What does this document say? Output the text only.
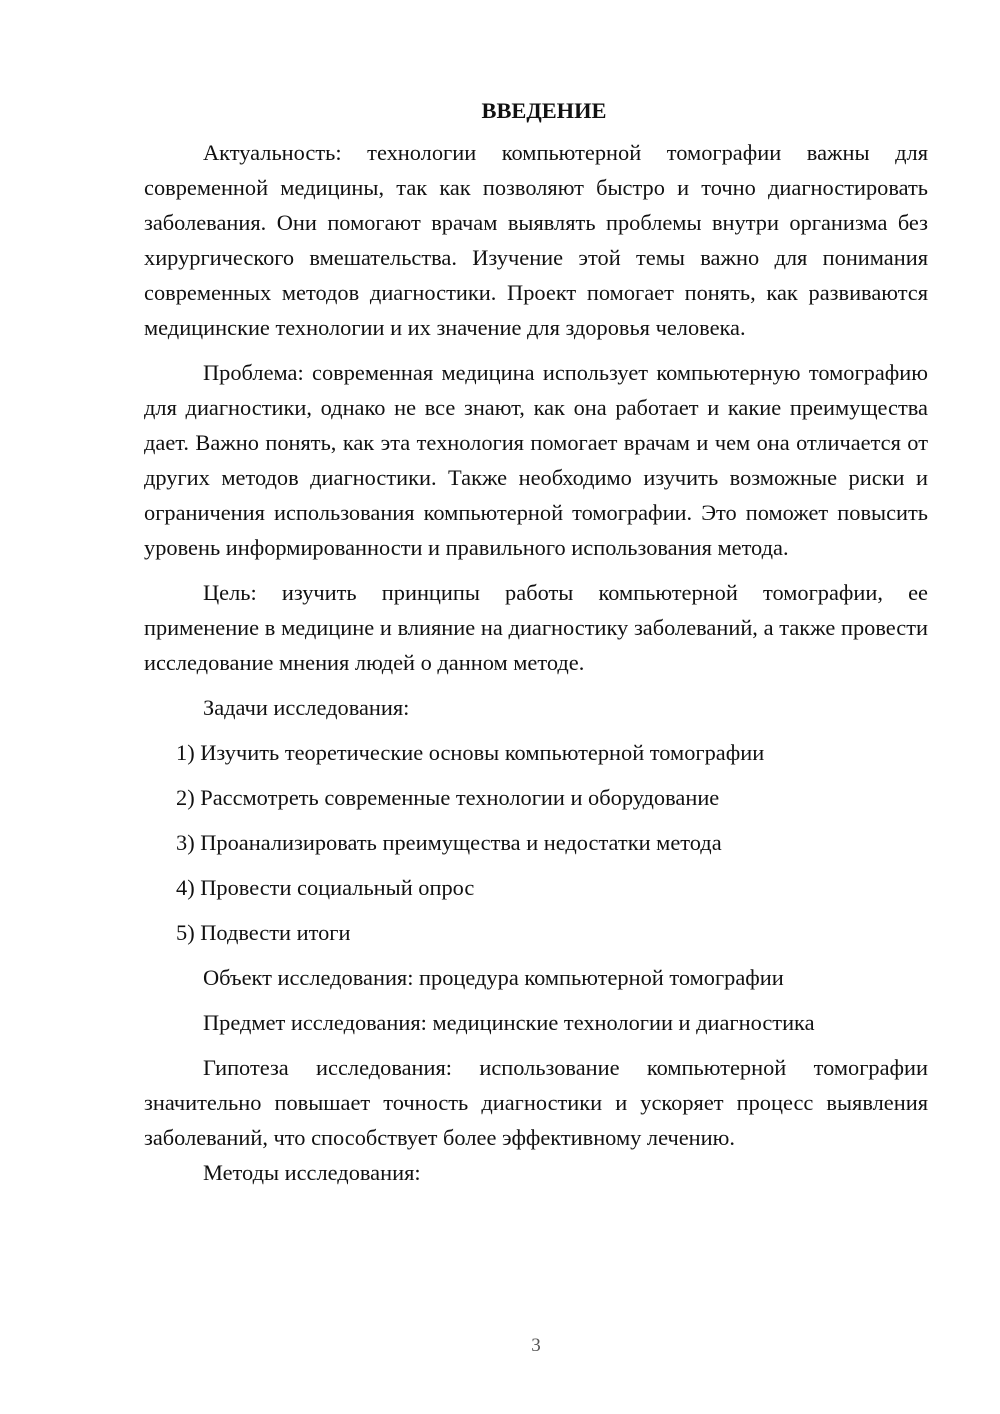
ВВЕДЕНИЕ

Актуальность: технологии компьютерной томографии важны для современной медицины, так как позволяют быстро и точно диагностировать заболевания. Они помогают врачам выявлять проблемы внутри организма без хирургического вмешательства. Изучение этой темы важно для понимания современных методов диагностики. Проект помогает понять, как развиваются медицинские технологии и их значение для здоровья человека.

Проблема: современная медицина использует компьютерную томографию для диагностики, однако не все знают, как она работает и какие преимущества дает. Важно понять, как эта технология помогает врачам и чем она отличается от других методов диагностики. Также необходимо изучить возможные риски и ограничения использования компьютерной томографии. Это поможет повысить уровень информированности и правильного использования метода.

Цель: изучить принципы работы компьютерной томографии, ее применение в медицине и влияние на диагностику заболеваний, а также провести исследование мнения людей о данном методе.

Задачи исследования:

1) Изучить теоретические основы компьютерной томографии
2) Рассмотреть современные технологии и оборудование
3) Проанализировать преимущества и недостатки метода
4) Провести социальный опрос
5) Подвести итоги

Объект исследования: процедура компьютерной томографии

Предмет исследования: медицинские технологии и диагностика

Гипотеза исследования: использование компьютерной томографии значительно повышает точность диагностики и ускоряет процесс выявления заболеваний, что способствует более эффективному лечению.

Методы исследования:

3
